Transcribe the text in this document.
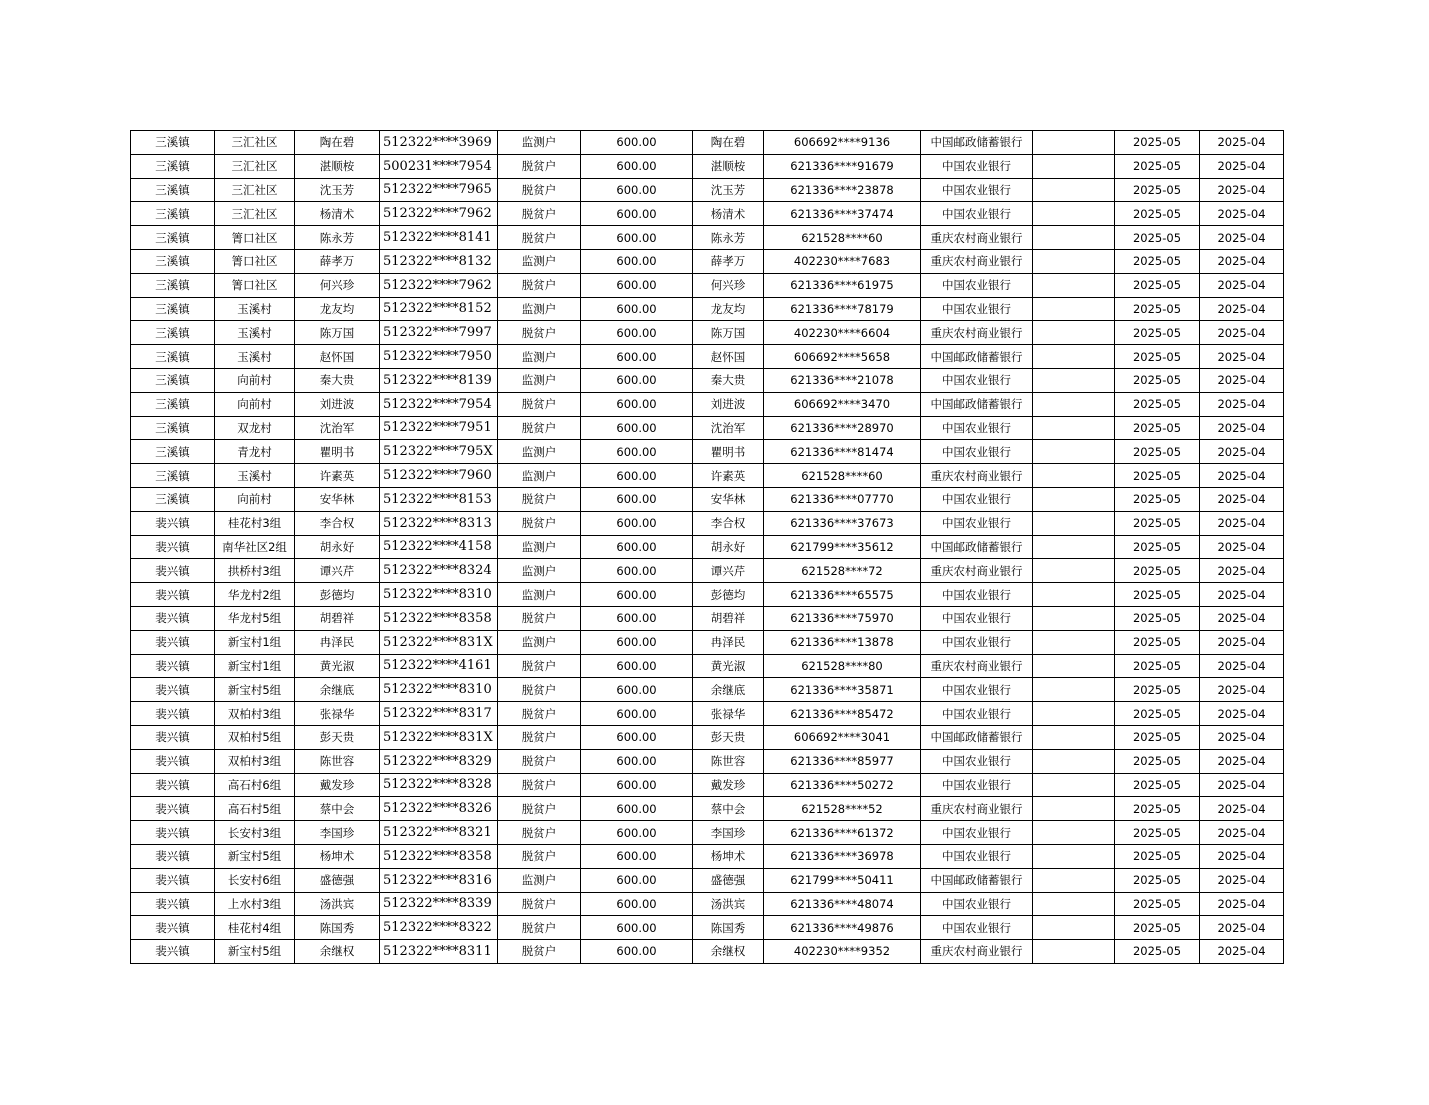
三溪镇	三汇社区	陶在碧	512322****3969	监测户	600.00	陶在碧	606692****9136	中国邮政储蓄银行		2025-05	2025-04
三溪镇	三汇社区	湛顺桉	500231****7954	脱贫户	600.00	湛顺桉	621336****91679	中国农业银行		2025-05	2025-04
三溪镇	三汇社区	沈玉芳	512322****7965	脱贫户	600.00	沈玉芳	621336****23878	中国农业银行		2025-05	2025-04
三溪镇	三汇社区	杨清术	512322****7962	脱贫户	600.00	杨清术	621336****37474	中国农业银行		2025-05	2025-04
三溪镇	箐口社区	陈永芳	512322****8141	脱贫户	600.00	陈永芳	621528****60	重庆农村商业银行		2025-05	2025-04
三溪镇	箐口社区	薛孝万	512322****8132	监测户	600.00	薛孝万	402230****7683	重庆农村商业银行		2025-05	2025-04
三溪镇	箐口社区	何兴珍	512322****7962	脱贫户	600.00	何兴珍	621336****61975	中国农业银行		2025-05	2025-04
三溪镇	玉溪村	龙友均	512322****8152	监测户	600.00	龙友均	621336****78179	中国农业银行		2025-05	2025-04
三溪镇	玉溪村	陈万国	512322****7997	脱贫户	600.00	陈万国	402230****6604	重庆农村商业银行		2025-05	2025-04
三溪镇	玉溪村	赵怀国	512322****7950	监测户	600.00	赵怀国	606692****5658	中国邮政储蓄银行		2025-05	2025-04
三溪镇	向前村	秦大贵	512322****8139	监测户	600.00	秦大贵	621336****21078	中国农业银行		2025-05	2025-04
三溪镇	向前村	刘进波	512322****7954	脱贫户	600.00	刘进波	606692****3470	中国邮政储蓄银行		2025-05	2025-04
三溪镇	双龙村	沈治军	512322****7951	脱贫户	600.00	沈治军	621336****28970	中国农业银行		2025-05	2025-04
三溪镇	青龙村	瞿明书	512322****795X	监测户	600.00	瞿明书	621336****81474	中国农业银行		2025-05	2025-04
三溪镇	玉溪村	许素英	512322****7960	监测户	600.00	许素英	621528****60	重庆农村商业银行		2025-05	2025-04
三溪镇	向前村	安华林	512322****8153	脱贫户	600.00	安华林	621336****07770	中国农业银行		2025-05	2025-04
裴兴镇	桂花村3组	李合权	512322****8313	脱贫户	600.00	李合权	621336****37673	中国农业银行		2025-05	2025-04
裴兴镇	南华社区2组	胡永好	512322****4158	监测户	600.00	胡永好	621799****35612	中国邮政储蓄银行		2025-05	2025-04
裴兴镇	拱桥村3组	谭兴芹	512322****8324	监测户	600.00	谭兴芹	621528****72	重庆农村商业银行		2025-05	2025-04
裴兴镇	华龙村2组	彭德均	512322****8310	监测户	600.00	彭德均	621336****65575	中国农业银行		2025-05	2025-04
裴兴镇	华龙村5组	胡碧祥	512322****8358	脱贫户	600.00	胡碧祥	621336****75970	中国农业银行		2025-05	2025-04
裴兴镇	新宝村1组	冉泽民	512322****831X	监测户	600.00	冉泽民	621336****13878	中国农业银行		2025-05	2025-04
裴兴镇	新宝村1组	黄光淑	512322****4161	脱贫户	600.00	黄光淑	621528****80	重庆农村商业银行		2025-05	2025-04
裴兴镇	新宝村5组	余继底	512322****8310	脱贫户	600.00	余继底	621336****35871	中国农业银行		2025-05	2025-04
裴兴镇	双柏村3组	张禄华	512322****8317	脱贫户	600.00	张禄华	621336****85472	中国农业银行		2025-05	2025-04
裴兴镇	双柏村5组	彭天贵	512322****831X	脱贫户	600.00	彭天贵	606692****3041	中国邮政储蓄银行		2025-05	2025-04
裴兴镇	双柏村3组	陈世容	512322****8329	脱贫户	600.00	陈世容	621336****85977	中国农业银行		2025-05	2025-04
裴兴镇	高石村6组	戴发珍	512322****8328	脱贫户	600.00	戴发珍	621336****50272	中国农业银行		2025-05	2025-04
裴兴镇	高石村5组	蔡中会	512322****8326	脱贫户	600.00	蔡中会	621528****52	重庆农村商业银行		2025-05	2025-04
裴兴镇	长安村3组	李国珍	512322****8321	脱贫户	600.00	李国珍	621336****61372	中国农业银行		2025-05	2025-04
裴兴镇	新宝村5组	杨坤术	512322****8358	脱贫户	600.00	杨坤术	621336****36978	中国农业银行		2025-05	2025-04
裴兴镇	长安村6组	盛德强	512322****8316	监测户	600.00	盛德强	621799****50411	中国邮政储蓄银行		2025-05	2025-04
裴兴镇	上水村3组	汤洪宾	512322****8339	脱贫户	600.00	汤洪宾	621336****48074	中国农业银行		2025-05	2025-04
裴兴镇	桂花村4组	陈国秀	512322****8322	脱贫户	600.00	陈国秀	621336****49876	中国农业银行		2025-05	2025-04
裴兴镇	新宝村5组	余继权	512322****8311	脱贫户	600.00	余继权	402230****9352	重庆农村商业银行		2025-05	2025-04
